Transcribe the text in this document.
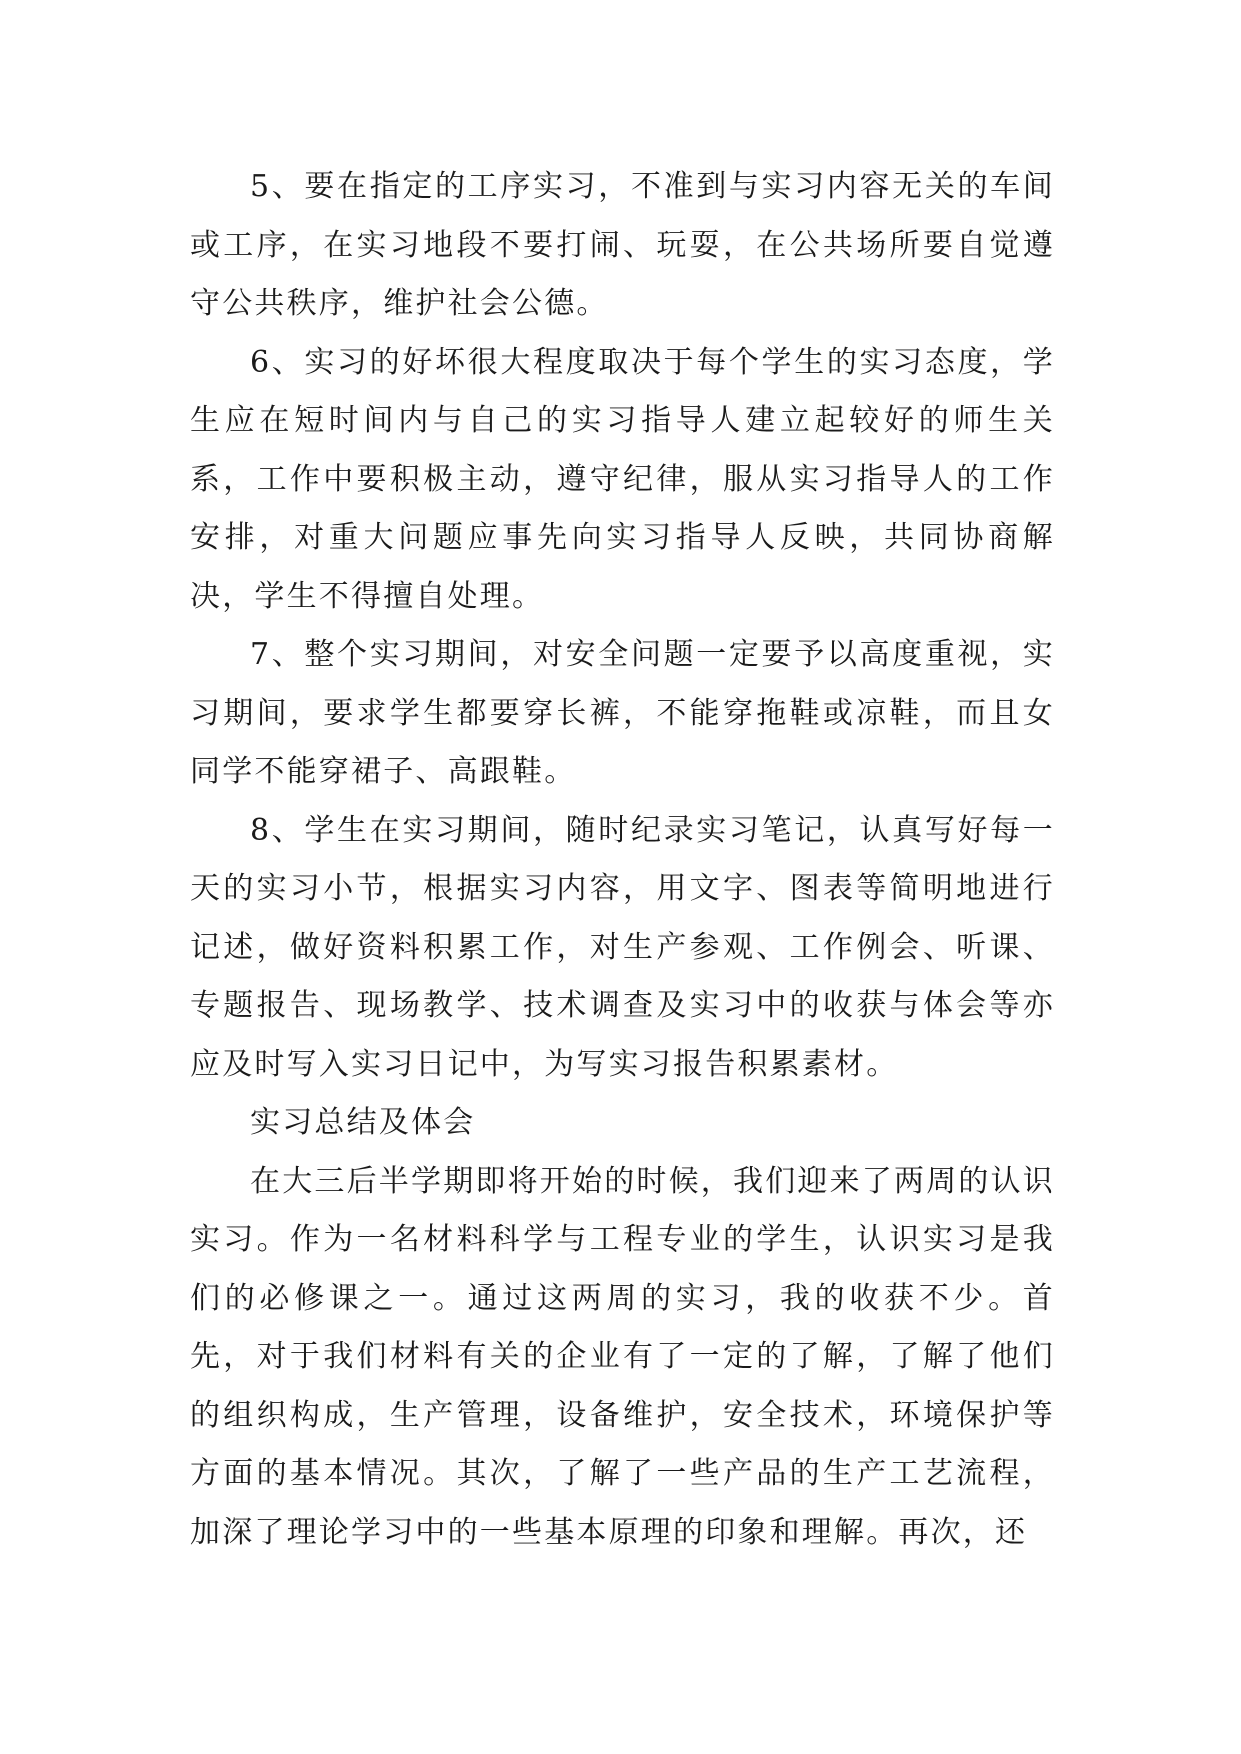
5、要在指定的工序实习，不准到与实习内容无关的车间或工序，在实习地段不要打闹、玩耍，在公共场所要自觉遵守公共秩序，维护社会公德。

6、实习的好坏很大程度取决于每个学生的实习态度，学生应在短时间内与自己的实习指导人建立起较好的师生关系，工作中要积极主动，遵守纪律，服从实习指导人的工作安排，对重大问题应事先向实习指导人反映，共同协商解决，学生不得擅自处理。

7、整个实习期间，对安全问题一定要予以高度重视，实习期间，要求学生都要穿长裤，不能穿拖鞋或凉鞋，而且女同学不能穿裙子、高跟鞋。

8、学生在实习期间，随时纪录实习笔记，认真写好每一天的实习小节，根据实习内容，用文字、图表等简明地进行记述，做好资料积累工作，对生产参观、工作例会、听课、专题报告、现场教学、技术调查及实习中的收获与体会等亦应及时写入实习日记中，为写实习报告积累素材。

实习总结及体会

在大三后半学期即将开始的时候，我们迎来了两周的认识实习。作为一名材料科学与工程专业的学生，认识实习是我们的必修课之一。通过这两周的实习，我的收获不少。首先，对于我们材料有关的企业有了一定的了解，了解了他们的组织构成，生产管理，设备维护，安全技术，环境保护等方面的基本情况。其次，了解了一些产品的生产工艺流程，加深了理论学习中的一些基本原理的印象和理解。再次，还
